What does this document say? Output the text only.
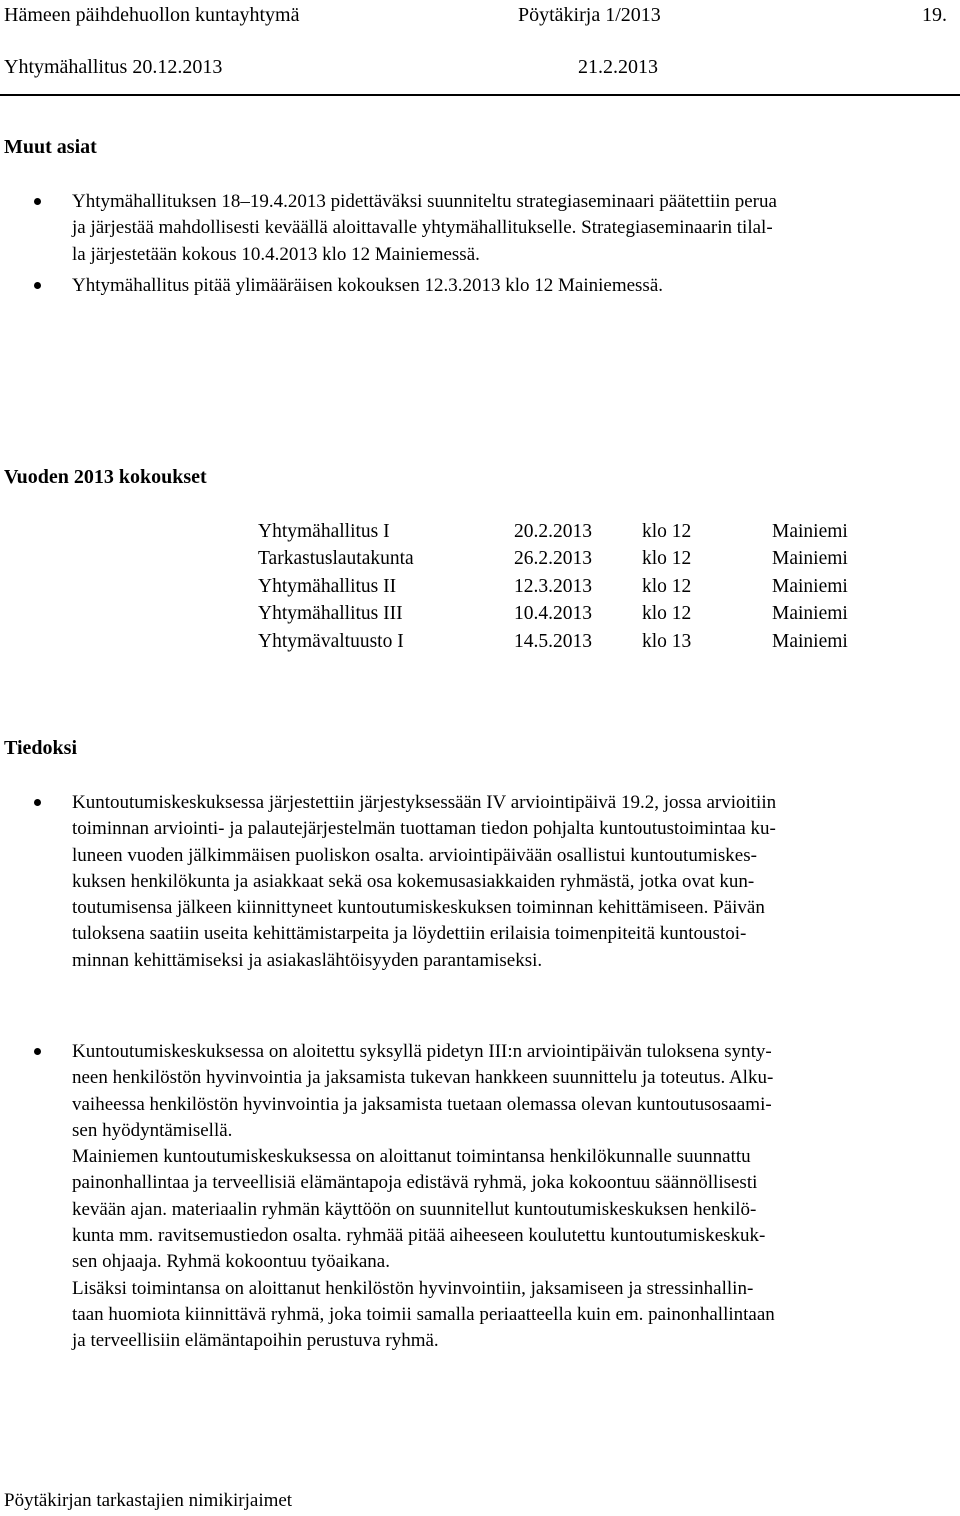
Hämeen päihdehuollon kuntayhtymä	Pöytäkirja 1/2013	19.
Yhtymähallitus 20.12.2013	21.2.2013
Muut asiat
Yhtymähallituksen 18–19.4.2013 pidettäväksi suunniteltu strategiaseminaari päätettiin perua
ja järjestää mahdollisesti keväällä aloittavalle yhtymähallitukselle. Strategiaseminaarin tilal-
la järjestetään kokous 10.4.2013 klo 12 Mainiemessä.
Yhtymähallitus pitää ylimääräisen kokouksen 12.3.2013 klo 12 Mainiemessä.
Vuoden 2013 kokoukset
Yhtymähallitus I	20.2.2013	klo 12	Mainiemi
Tarkastuslautakunta	26.2.2013	klo 12	Mainiemi
Yhtymähallitus II	12.3.2013	klo 12	Mainiemi
Yhtymähallitus III	10.4.2013	klo 12	Mainiemi
Yhtymävaltuusto I	14.5.2013	klo 13	Mainiemi
Tiedoksi
Kuntoutumiskeskuksessa järjestettiin järjestyksessään IV arviointipäivä 19.2, jossa arvioitiin
toiminnan arviointi- ja palautejärjestelmän tuottaman tiedon pohjalta kuntoutustoimintaa ku-
luneen vuoden jälkimmäisen puoliskon osalta. arviointipäivään osallistui kuntoutumiskes-
kuksen henkilökunta ja asiakkaat sekä osa kokemusasiakkaiden ryhmästä, jotka ovat kun-
toutumisensa jälkeen kiinnittyneet kuntoutumiskeskuksen toiminnan kehittämiseen. Päivän
tuloksena saatiin useita kehittämistarpeita ja löydettiin erilaisia toimenpiteitä kuntoustoi-
minnan kehittämiseksi ja asiakaslähtöisyyden parantamiseksi.
Kuntoutumiskeskuksessa on aloitettu syksyllä pidetyn III:n arviointipäivän tuloksena synty-
neen henkilöstön hyvinvointia ja jaksamista tukevan hankkeen suunnittelu ja toteutus. Alku-
vaiheessa henkilöstön hyvinvointia ja jaksamista tuetaan olemassa olevan kuntoutusosaami-
sen hyödyntämisellä.
Mainiemen kuntoutumiskeskuksessa on aloittanut toimintansa henkilökunnalle suunnattu
painonhallintaa ja terveellisiä elämäntapoja edistävä ryhmä, joka kokoontuu säännöllisesti
kevään ajan. materiaalin ryhmän käyttöön on suunnitellut kuntoutumiskeskuksen henkilö-
kunta mm. ravitsemustiedon osalta. ryhmää pitää aiheeseen koulutettu kuntoutumiskeskuk-
sen ohjaaja. Ryhmä kokoontuu työaikana.
Lisäksi toimintansa on aloittanut henkilöstön hyvinvointiin, jaksamiseen ja stressinhallin-
taan huomiota kiinnittävä ryhmä, joka toimii samalla periaatteella kuin em. painonhallintaan
ja terveellisiin elämäntapoihin perustuva ryhmä.
Pöytäkirjan tarkastajien nimikirjaimet
